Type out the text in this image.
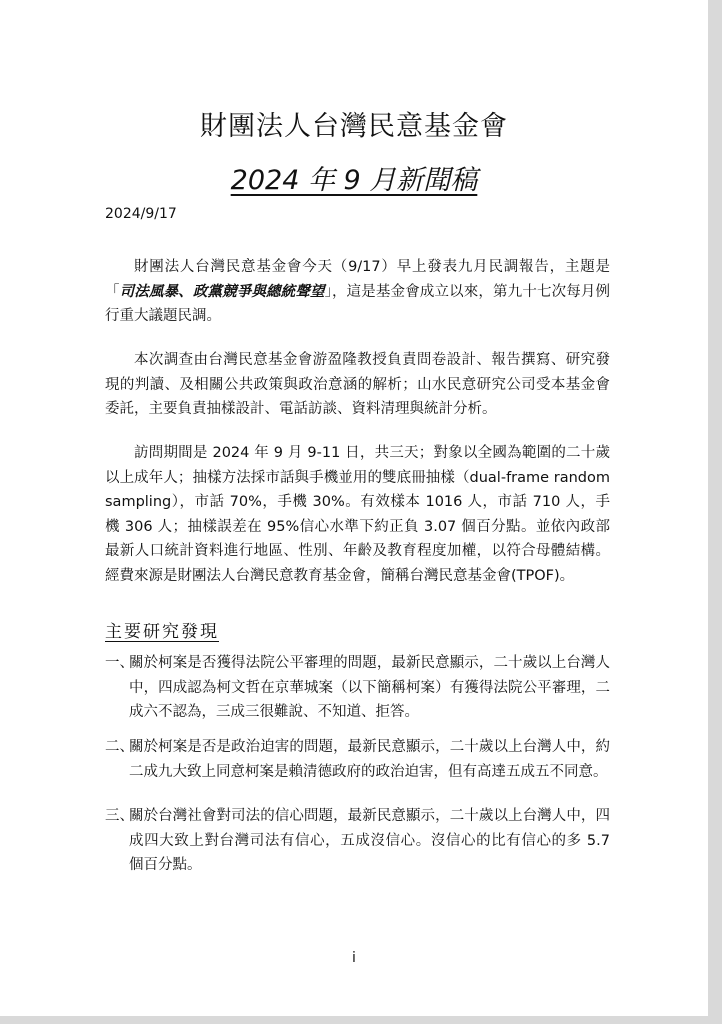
財團法人台灣民意基金會
2024 年 9 月新聞稿
2024/9/17

財團法人台灣民意基金會今天（9/17）早上發表九月民調報告，主題是「司法風暴、政黨競爭與總統聲望」，這是基金會成立以來，第九十七次每月例行重大議題民調。

本次調查由台灣民意基金會游盈隆教授負責問卷設計、報告撰寫、研究發現的判讀、及相關公共政策與政治意涵的解析；山水民意研究公司受本基金會委託，主要負責抽樣設計、電話訪談、資料清理與統計分析。

訪問期間是 2024 年 9 月 9-11 日，共三天；對象以全國為範圍的二十歲以上成年人；抽樣方法採市話與手機並用的雙底冊抽樣（dual-frame random sampling），市話 70%，手機 30%。有效樣本 1016 人，市話 710 人，手機 306 人；抽樣誤差在 95%信心水準下約正負 3.07 個百分點。並依內政部最新人口統計資料進行地區、性別、年齡及教育程度加權，以符合母體結構。經費來源是財團法人台灣民意教育基金會，簡稱台灣民意基金會(TPOF)。

主要研究發現
一、
關於柯案是否獲得法院公平審理的問題，最新民意顯示，二十歲以上台灣人中，四成認為柯文哲在京華城案（以下簡稱柯案）有獲得法院公平審理，二成六不認為，三成三很難說、不知道、拒答。
二、
關於柯案是否是政治迫害的問題，最新民意顯示，二十歲以上台灣人中，約二成九大致上同意柯案是賴清德政府的政治迫害，但有高達五成五不同意。
三、
關於台灣社會對司法的信心問題，最新民意顯示，二十歲以上台灣人中，四成四大致上對台灣司法有信心，五成沒信心。沒信心的比有信心的多 5.7 個百分點。
i
